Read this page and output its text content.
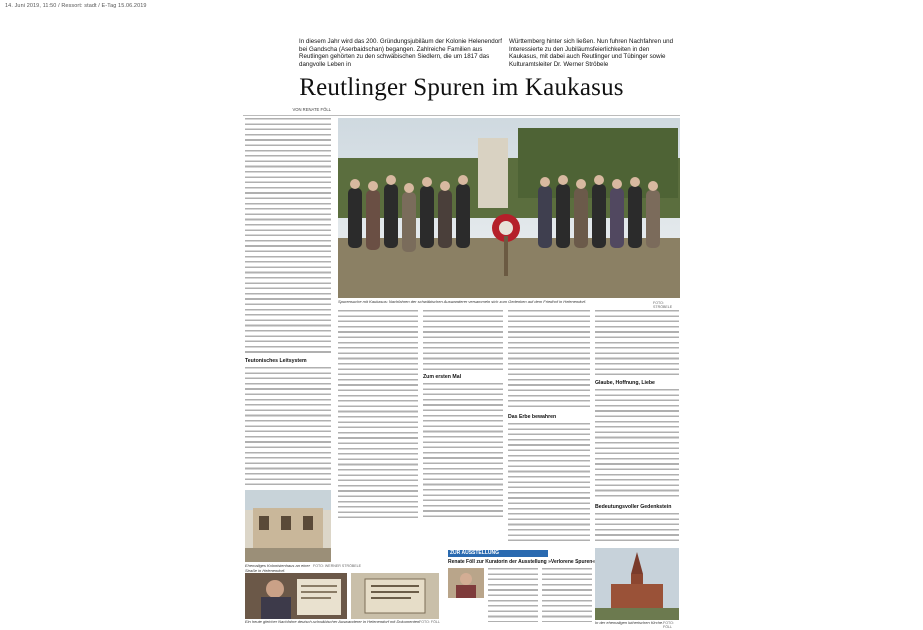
14. Juni 2019, 11:50 / Ressort: stadt / E-Tag 15.06.2019
In diesem Jahr wird das 200. Gründungsjubiläum der Kolonie Helenendorf bei Gandscha (Aserbaidschan) begangen. Zahlreiche Familien aus Reutlingen gehörten zu den schwäbischen Siedlern, die um 1817 das dangvolle Leben in
Württemberg hinter sich ließen. Nun fuhren Nachfahren und Interessierte zu den Jubiläumsfeierlichkeiten in den Kaukasus, mit dabei auch Reutlinger und Tübinger sowie Kulturamtsleiter Dr. Werner Ströbele
Reutlinger Spuren im Kaukasus
VON RENATE FÖLL
Teutonisches Leitsystem
Spurensuche mit Kaukasus: Nachfahren der schwäbischen Auswanderer versammeln sich zum Gedenken auf dem Friedhof in Helenendorf.	FOTO: STRÖBELE
Zum ersten Mal
Das Erbe bewahren
Glaube, Hoffnung, Liebe
Bedeutungsvoller Gedenkstein
Ehemaliges Kolonistenhaus an einer Straße in Helenendorf.
FOTO: WERNER STRÖBELE
Ein heute gleicher Nachfahre deutsch-schwäbischer Auswanderer in Helenendorf mit Dokumenten.
FOTO: FÖLL
ZUR AUSSTELLUNG
Renate Föll zur Kuratorin der Ausstellung »Verlorene Spuren«
In der ehemaligen lutherischen Kirche. FOTO: FÖLL
